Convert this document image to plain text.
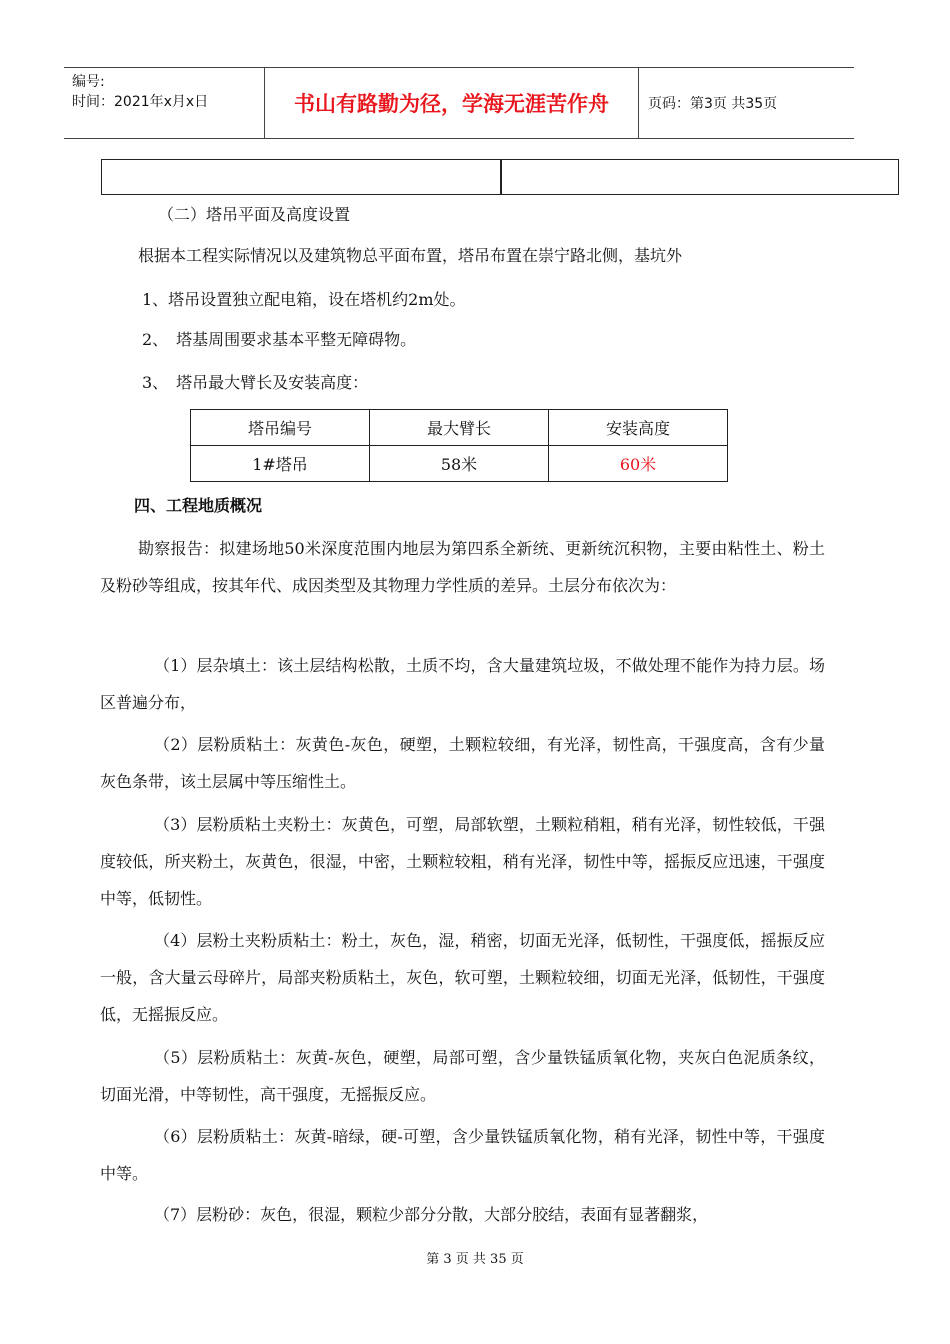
编号:
时间：2021年x月x日	书山有路勤为径，学海无涯苦作舟	页码：第3页 共35页
（二）塔吊平面及高度设置
根据本工程实际情况以及建筑物总平面布置，塔吊布置在崇宁路北侧，基坑外
1、塔吊设置独立配电箱，设在塔机约2m处。
2、　塔基周围要求基本平整无障碍物。
3、　塔吊最大臂长及安装高度：
塔吊编号	最大臂长	安装高度
1#塔吊	58米	60米
四、工程地质概况
勘察报告：拟建场地50米深度范围内地层为第四系全新统、更新统沉积物，主要由粘性土、粉土及粉砂等组成，按其年代、成因类型及其物理力学性质的差异。土层分布依次为：
（1）层杂填土：该土层结构松散，土质不均，含大量建筑垃圾，不做处理不能作为持力层。场区普遍分布，
（2）层粉质粘土：灰黄色-灰色，硬塑，土颗粒较细，有光泽，韧性高，干强度高，含有少量灰色条带，该土层属中等压缩性土。
（3）层粉质粘土夹粉土：灰黄色，可塑，局部软塑，土颗粒稍粗，稍有光泽，韧性较低，干强度较低，所夹粉土，灰黄色，很湿，中密，土颗粒较粗，稍有光泽，韧性中等，摇振反应迅速，干强度中等，低韧性。
（4）层粉土夹粉质粘土：粉土，灰色，湿，稍密，切面无光泽，低韧性，干强度低，摇振反应一般，含大量云母碎片，局部夹粉质粘土，灰色，软可塑，土颗粒较细，切面无光泽，低韧性，干强度低，无摇振反应。
（5）层粉质粘土：灰黄-灰色，硬塑，局部可塑，含少量铁锰质氧化物，夹灰白色泥质条纹，切面光滑，中等韧性，高干强度，无摇振反应。
（6）层粉质粘土：灰黄-暗绿，硬-可塑，含少量铁锰质氧化物，稍有光泽，韧性中等，干强度中等。
（7）层粉砂：灰色，很湿，颗粒少部分分散，大部分胶结，表面有显著翻浆，
第 3 页 共 35 页
